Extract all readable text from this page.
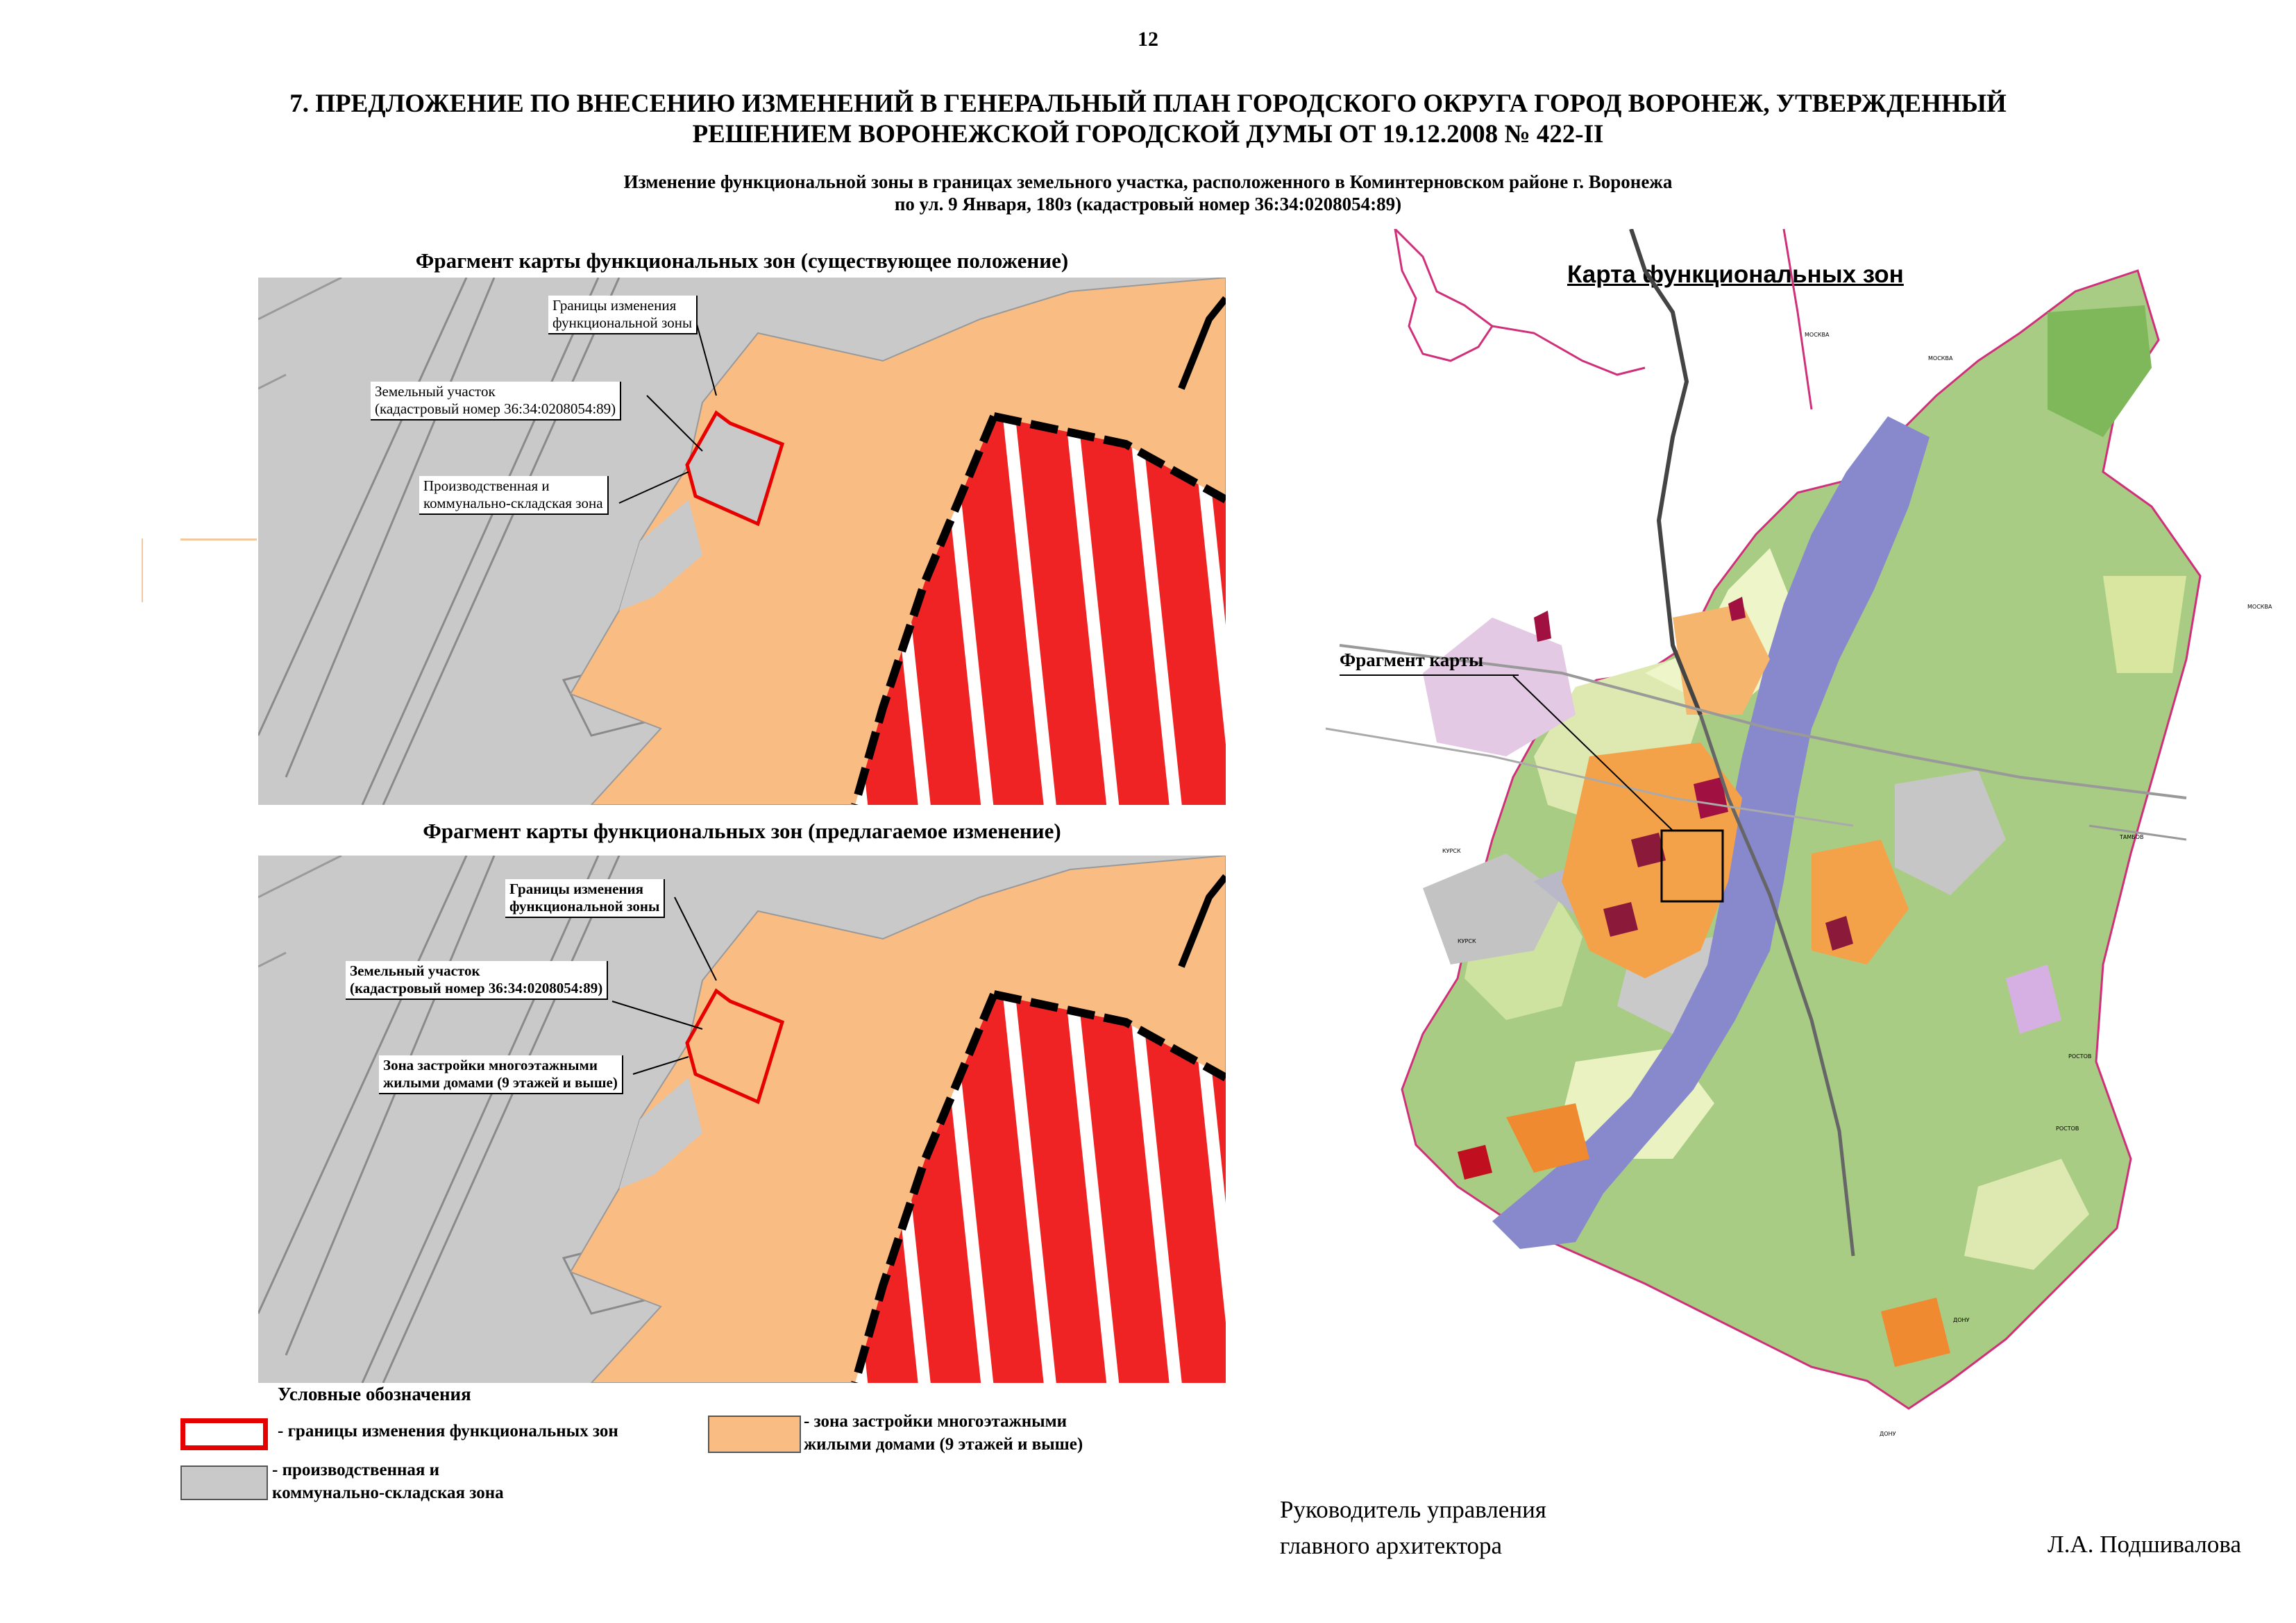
12
7. ПРЕДЛОЖЕНИЕ ПО ВНЕСЕНИЮ ИЗМЕНЕНИЙ В ГЕНЕРАЛЬНЫЙ ПЛАН ГОРОДСКОГО ОКРУГА ГОРОД ВОРОНЕЖ, УТВЕРЖДЕННЫЙ
РЕШЕНИЕМ ВОРОНЕЖСКОЙ ГОРОДСКОЙ ДУМЫ ОТ 19.12.2008 № 422-II
Изменение функциональной зоны в границах земельного участка, расположенного в Коминтерновском районе г. Воронежа
по ул. 9 Января, 180з (кадастровый номер 36:34:0208054:89)
Фрагмент карты функциональных зон (существующее положение)
Границы изменения
функциональной зоны
Земельный участок
(кадастровый номер 36:34:0208054:89)
Производственная и
коммунально-складская зона
Фрагмент карты функциональных зон (предлагаемое изменение)
Границы изменения
функциональной зоны
Земельный участок
(кадастровый номер 36:34:0208054:89)
Зона застройки многоэтажными
жилыми домами (9 этажей и выше)
Условные обозначения
- границы изменения функциональных зон
- производственная и
коммунально-складская зона
- зона застройки многоэтажными
жилыми домами (9 этажей и выше)
Карта функциональных зон
Фрагмент карты
МОСКВА
МОСКВА
ТАМБОВ
КУРСК
КУРСК
РОСТОВ
РОСТОВ
ДОНУ
ДОНУ
МОСКВА
Руководитель управления
главного архитектора	Л.А. Подшивалова
